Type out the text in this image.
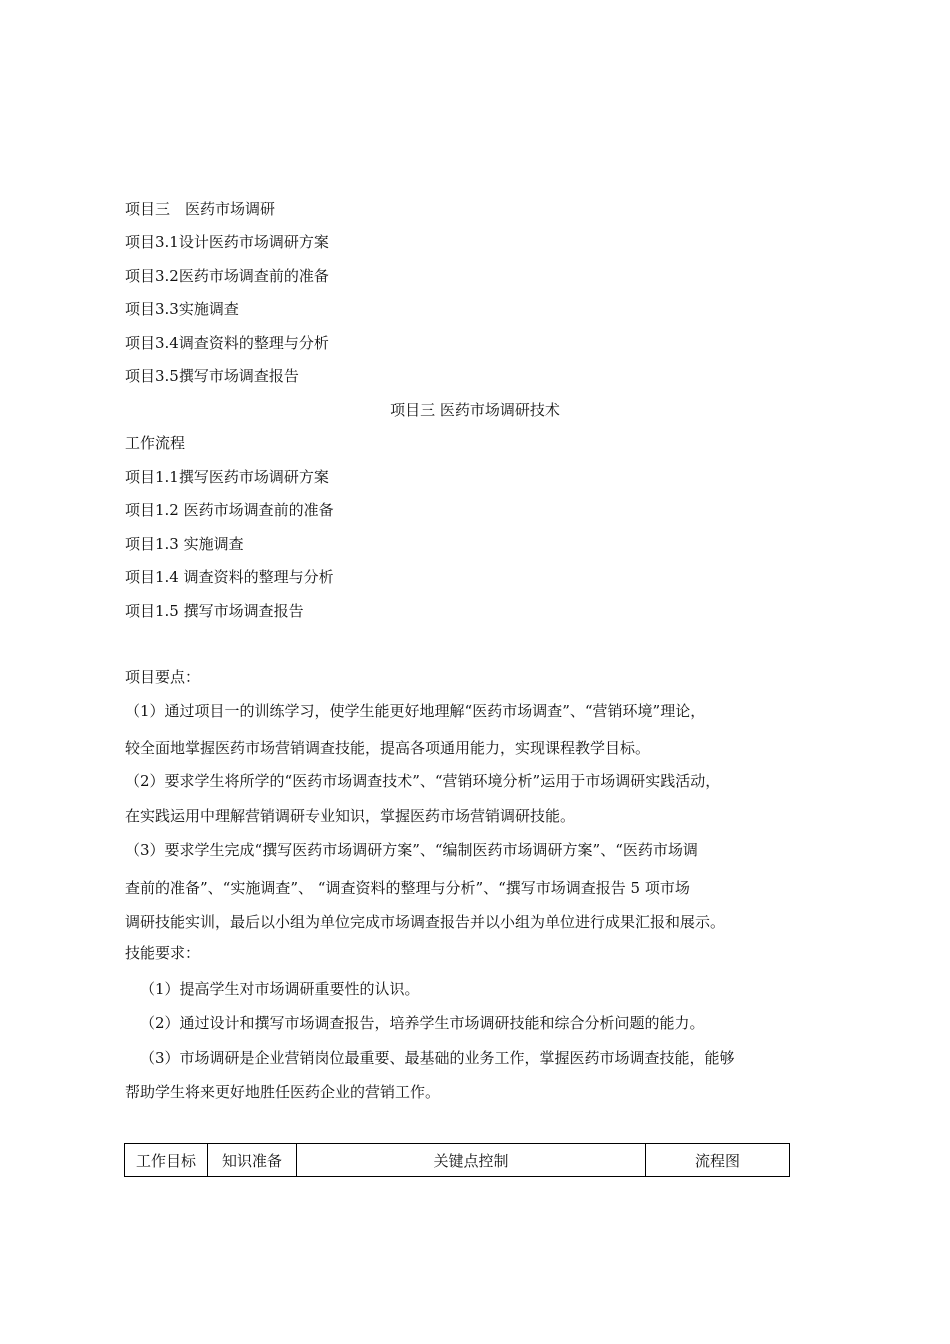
项目三　医药市场调研
项目3.1设计医药市场调研方案
项目3.2医药市场调查前的准备
项目3.3实施调查
项目3.4调查资料的整理与分析
项目3.5撰写市场调查报告
项目三 医药市场调研技术
工作流程
项目1.1撰写医药市场调研方案
项目1.2 医药市场调查前的准备
项目1.3 实施调查
项目1.4 调查资料的整理与分析
项目1.5 撰写市场调查报告
项目要点：
（1）通过项目一的训练学习，使学生能更好地理解“医药市场调查”、“营销环境”理论，
较全面地掌握医药市场营销调查技能，提高各项通用能力，实现课程教学目标。
（2）要求学生将所学的“医药市场调查技术”、“营销环境分析”运用于市场调研实践活动，
在实践运用中理解营销调研专业知识，掌握医药市场营销调研技能。
（3）要求学生完成“撰写医药市场调研方案”、“编制医药市场调研方案”、“医药市场调
查前的准备”、“实施调查”、 “调查资料的整理与分析”、“撰写市场调查报告 5 项市场
调研技能实训，最后以小组为单位完成市场调查报告并以小组为单位进行成果汇报和展示。
技能要求：
（1）提高学生对市场调研重要性的认识。
（2）通过设计和撰写市场调查报告，培养学生市场调研技能和综合分析问题的能力。
（3）市场调研是企业营销岗位最重要、最基础的业务工作，掌握医药市场调查技能，能够
帮助学生将来更好地胜任医药企业的营销工作。
工作目标	知识准备	关键点控制	流程图
